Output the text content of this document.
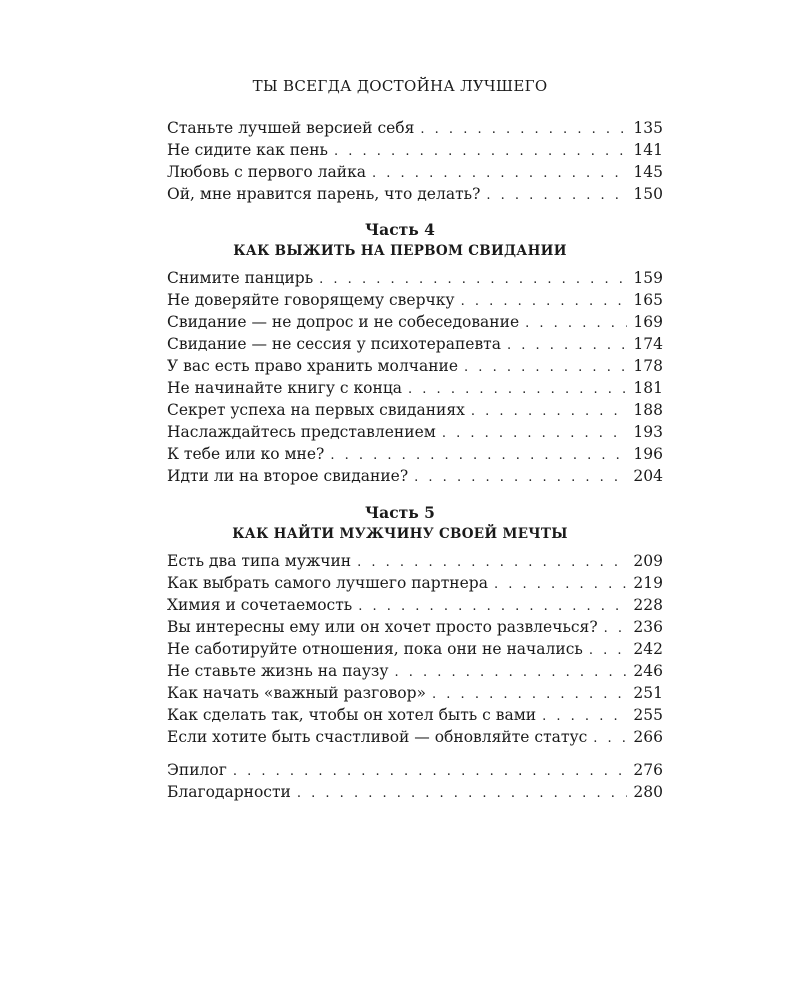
ТЫ ВСЕГДА ДОСТОЙНА ЛУЧШЕГО
Станьте лучшей версией себя . . .	135
Не сидите как пень . . .	141
Любовь с первого лайка . . .	145
Ой, мне нравится парень, что делать? . . .	150
Часть 4
КАК ВЫЖИТЬ НА ПЕРВОМ СВИДАНИИ
Снимите панцирь . . .	159
Не доверяйте говорящему сверчку . . .	165
Свидание — не допрос и не собеседование . . .	169
Свидание — не сессия у психотерапевта . . .	174
У вас есть право хранить молчание . . .	178
Не начинайте книгу с конца . . .	181
Секрет успеха на первых свиданиях . . .	188
Наслаждайтесь представлением . . .	193
К тебе или ко мне? . . .	196
Идти ли на второе свидание? . . .	204
Часть 5
КАК НАЙТИ МУЖЧИНУ СВОЕЙ МЕЧТЫ
Есть два типа мужчин . . .	209
Как выбрать самого лучшего партнера . . .	219
Химия и сочетаемость . . .	228
Вы интересны ему или он хочет просто развлечься? . . . 236
Не саботируйте отношения, пока они не начались . . .	242
Не ставьте жизнь на паузу . . .	246
Как начать «важный разговор» . . .	251
Как сделать так, чтобы он хотел быть с вами . . .	255
Если хотите быть счастливой — обновляйте статус . . .	266
Эпилог . . .	276
Благодарности . . .	280
